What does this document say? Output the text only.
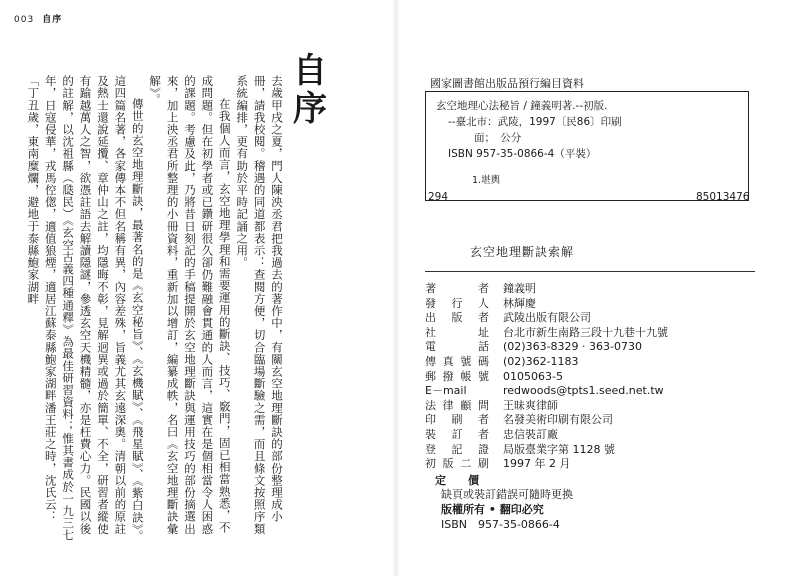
003 自序
自
序

去歲甲戌之夏，門人陳泱丞君把我過去的著作中，有關玄空地理斷訣的部份整理成小冊，請我校閱。稽遇的同道都表示：查閱方便，切合臨場斷驗之需，而且條文按照序類系統編排，更有助於平時記誦之用。

在我個人而言，玄空地理學理和需要運用的斷訣、技巧、竅門，固已相當熟悉，不成問題。但在初學者或已鑽研很久卻仍難融會貫通的人而言，這實在是個相當令人困惑的課題。考慮及此，乃將昔日刻記的手稿提開於玄空地理斷訣與運用技巧的部份摘選出來，加上泱丞君所整理的小冊資料，重新加以增訂，編纂成帙，名曰《玄空地理斷訣彙解》。

傳世的玄空地理斷訣，最著名的是《玄空秘旨》、《玄機賦》、《飛星賦》、《紫白訣》。這四篇名著，各家傳本不但名稱有異，內容差殊，旨義尤其玄遠深奧。清朝以前的原註及熱士還說延攬、章仲山之註，均隱晦不彰，見解迥異或過於簡單、不全，研習者縱使有踰越萬人之智，欲憑註語去解讀隱謎，參透玄空天機精髓，亦是枉費心力。民國以後的註解，以沈祖縣（瓞民）《玄空古義四種通釋》為最佳研習資料；惟其書成於一九三七年，日寇侵華，戎馬倥偬，適值狼煙，適居江蘇泰縣鮑家湖畔潘王莊之時，沈氏云：「丁丑歲，東南糜爛，避地于泰縣鮑家湖畔	國家圖書館出版品預行編目資料
玄空地理心法秘旨 / 鐘義明著.--初版.
--臺北市：武陵，1997〔民86〕印刷
面；　公分
ISBN 957-35-0866-4（平裝）
1.堪輿
294	85013476
玄空地理斷訣索解
著者 鐘義明
發行人 林輝慶
出版者 武陵出版有限公司
社址 台北市新生南路三段十九巷十九號
電話 (02)363-8329 · 363-0730
傳真號碼 (02)362-1183
郵撥帳號 0105063-5
E－mail	redwoods@tpts1.seed.net.tw
法律顧問 王昧爽律師
印刷者 名發美術印刷有限公司
裝訂者 忠信裝訂廠
登記證 局版臺業字第 1128 號
初版二刷 1997 年 2 月
定　價
缺頁或裝訂錯誤可隨時更換
版權所有 • 翻印必究
ISBN　957-35-0866-4
